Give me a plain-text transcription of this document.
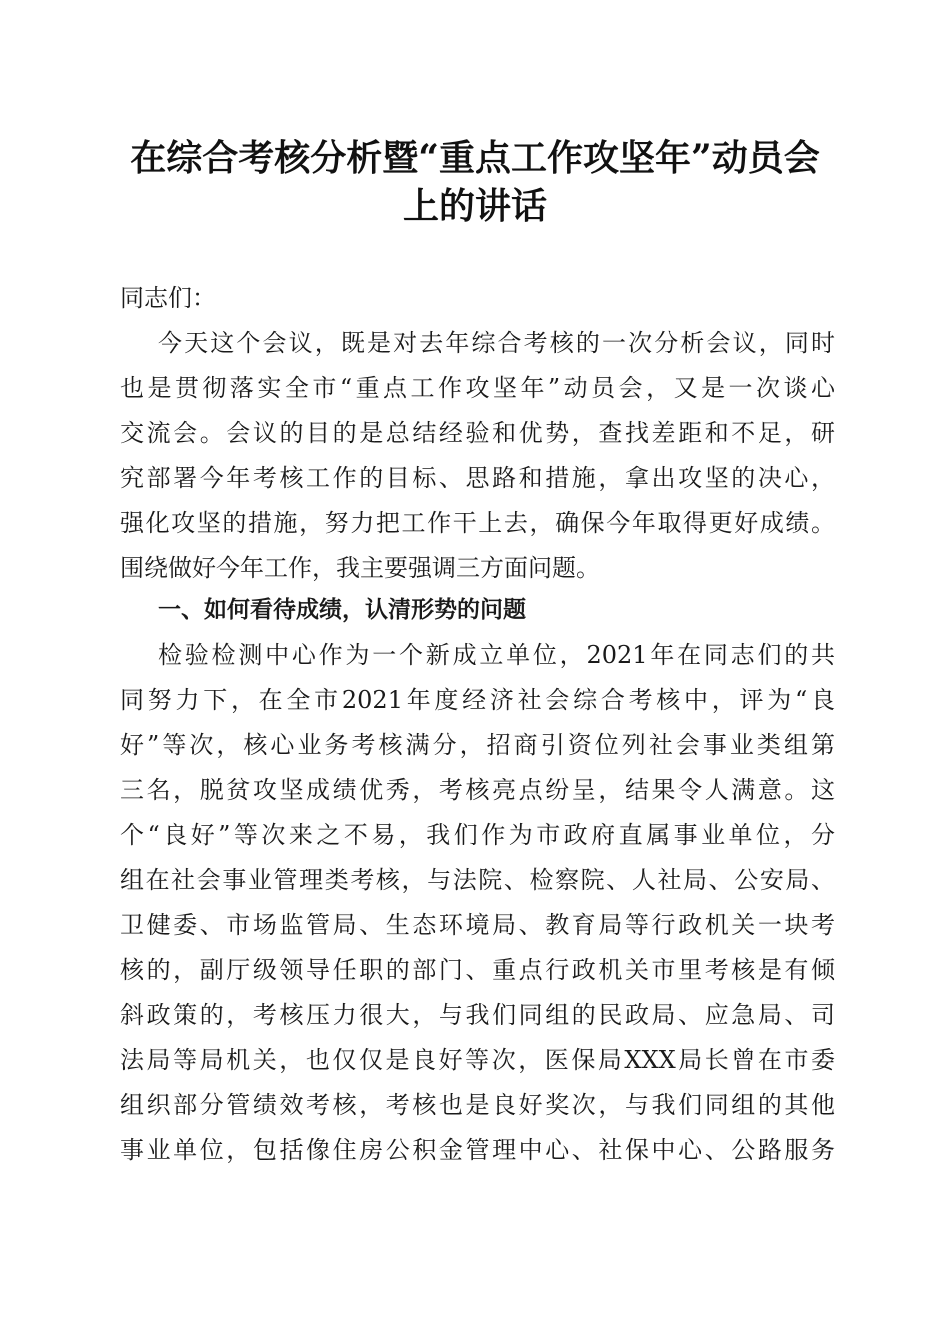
在综合考核分析暨“重点工作攻坚年”动员会
上的讲话

同志们：

今天这个会议，既是对去年综合考核的一次分析会议，同时

也是贯彻落实全市“重点工作攻坚年”动员会，又是一次谈心

交流会。会议的目的是总结经验和优势，查找差距和不足，研

究部署今年考核工作的目标、思路和措施，拿出攻坚的决心，

强化攻坚的措施，努力把工作干上去，确保今年取得更好成绩。

围绕做好今年工作，我主要强调三方面问题。

一、如何看待成绩，认清形势的问题

检验检测中心作为一个新成立单位，2021年在同志们的共

同努力下，在全市2021年度经济社会综合考核中，评为“良

好”等次，核心业务考核满分，招商引资位列社会事业类组第

三名，脱贫攻坚成绩优秀，考核亮点纷呈，结果令人满意。这

个“良好”等次来之不易，我们作为市政府直属事业单位，分

组在社会事业管理类考核，与法院、检察院、人社局、公安局、

卫健委、市场监管局、生态环境局、教育局等行政机关一块考

核的，副厅级领导任职的部门、重点行政机关市里考核是有倾

斜政策的，考核压力很大，与我们同组的民政局、应急局、司

法局等局机关，也仅仅是良好等次，医保局XXX局长曾在市委

组织部分管绩效考核，考核也是良好奖次，与我们同组的其他

事业单位，包括像住房公积金管理中心、社保中心、公路服务
